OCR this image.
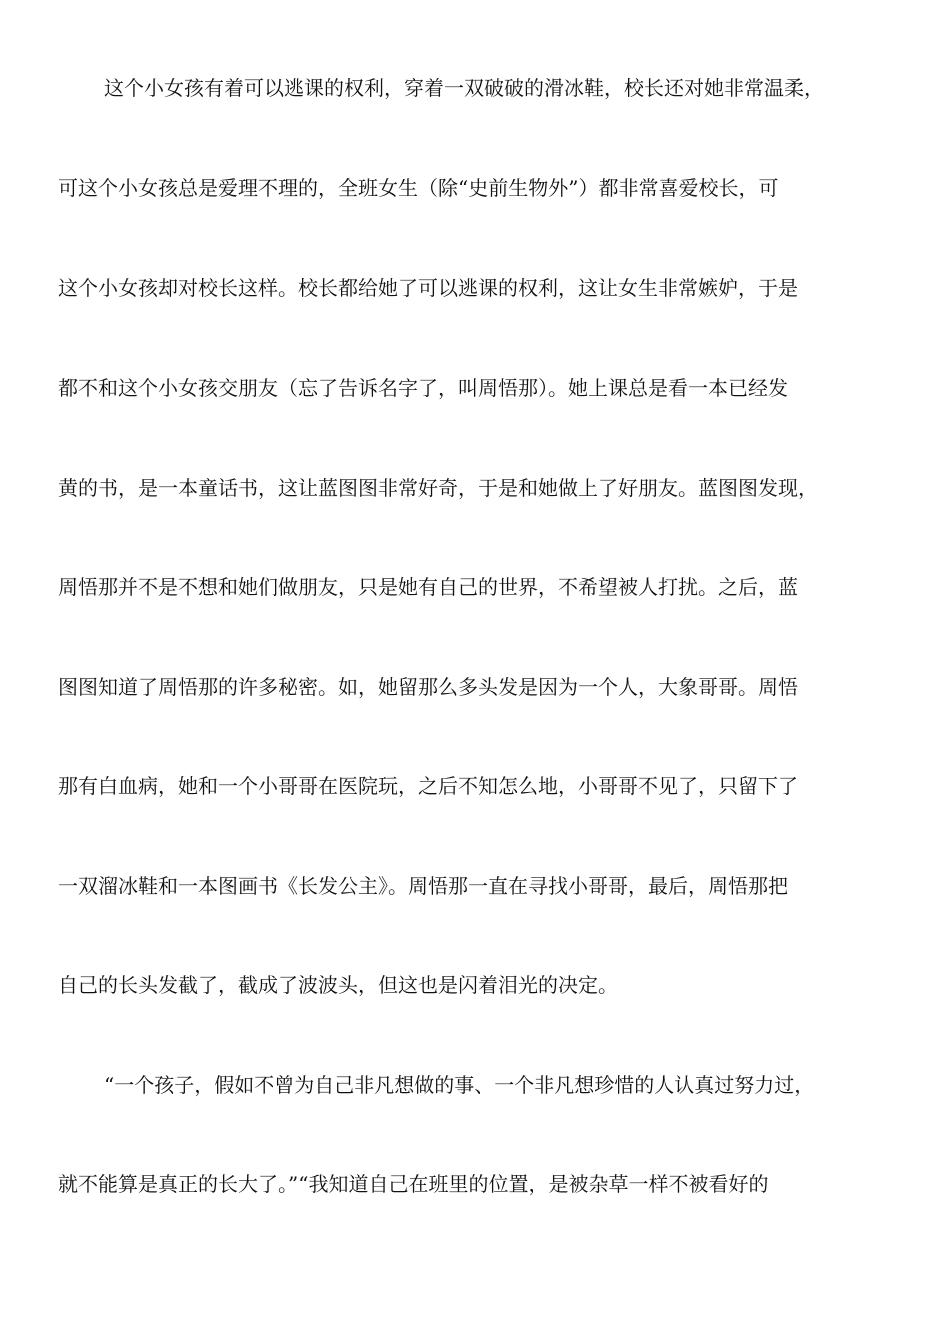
这个小女孩有着可以逃课的权利，穿着一双破破的滑冰鞋，校长还对她非常温柔，
可这个小女孩总是爱理不理的，全班女生（除“史前生物外”）都非常喜爱校长，可
这个小女孩却对校长这样。校长都给她了可以逃课的权利，这让女生非常嫉妒，于是
都不和这个小女孩交朋友（忘了告诉名字了，叫周悟那）。她上课总是看一本已经发
黄的书，是一本童话书，这让蓝图图非常好奇，于是和她做上了好朋友。蓝图图发现，
周悟那并不是不想和她们做朋友，只是她有自己的世界，不希望被人打扰。之后，蓝
图图知道了周悟那的许多秘密。如，她留那么多头发是因为一个人，大象哥哥。周悟
那有白血病，她和一个小哥哥在医院玩，之后不知怎么地，小哥哥不见了，只留下了
一双溜冰鞋和一本图画书《长发公主》。周悟那一直在寻找小哥哥，最后，周悟那把
自己的长头发截了，截成了波波头，但这也是闪着泪光的决定。
“一个孩子，假如不曾为自己非凡想做的事、一个非凡想珍惜的人认真过努力过，
就不能算是真正的长大了。”“我知道自己在班里的位置，是被杂草一样不被看好的
